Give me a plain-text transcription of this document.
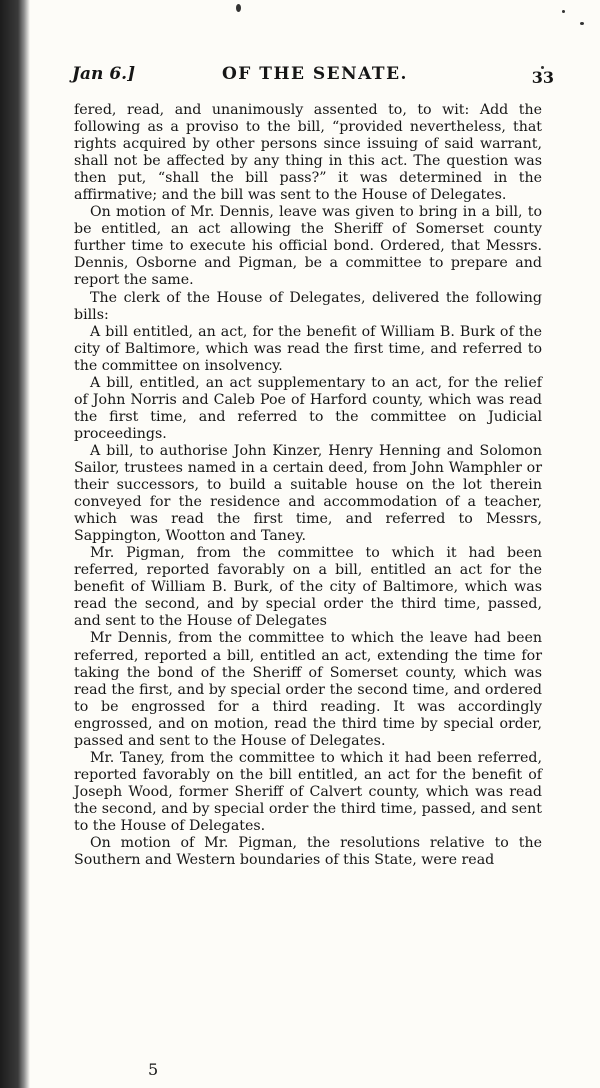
Jan 6.]	OF THE SENATE.	33

fered, read, and unanimously assented to, to wit: Add the following as a proviso to the bill, “provided nevertheless, that rights acquired by other persons since issuing of said warrant, shall not be affected by any thing in this act. The question was then put, “shall the bill pass?” it was determined in the affirmative; and the bill was sent to the House of Delegates.

On motion of Mr. Dennis, leave was given to bring in a bill, to be entitled, an act allowing the Sheriff of Somerset county further time to execute his official bond. Ordered, that Messrs. Dennis, Osborne and Pigman, be a committee to prepare and report the same.

The clerk of the House of Delegates, delivered the following bills:

A bill entitled, an act, for the benefit of William B. Burk of the city of Baltimore, which was read the first time, and referred to the committee on insolvency.

A bill, entitled, an act supplementary to an act, for the relief of John Norris and Caleb Poe of Harford county, which was read the first time, and referred to the committee on Judicial proceedings.

A bill, to authorise John Kinzer, Henry Henning and Solomon Sailor, trustees named in a certain deed, from John Wamphler or their successors, to build a suitable house on the lot therein conveyed for the residence and accommodation of a teacher, which was read the first time, and referred to Messrs, Sappington, Wootton and Taney.

Mr. Pigman, from the committee to which it had been referred, reported favorably on a bill, entitled an act for the benefit of William B. Burk, of the city of Baltimore, which was read the second, and by special order the third time, passed, and sent to the House of Delegates

Mr Dennis, from the committee to which the leave had been referred, reported a bill, entitled an act, extending the time for taking the bond of the Sheriff of Somerset county, which was read the first, and by special order the second time, and ordered to be engrossed for a third reading. It was accordingly engrossed, and on motion, read the third time by special order, passed and sent to the House of Delegates.

Mr. Taney, from the committee to which it had been referred, reported favorably on the bill entitled, an act for the benefit of Joseph Wood, former Sheriff of Calvert county, which was read the second, and by special order the third time, passed, and sent to the House of Delegates.

On motion of Mr. Pigman, the resolutions relative to the Southern and Western boundaries of this State, were read

5
